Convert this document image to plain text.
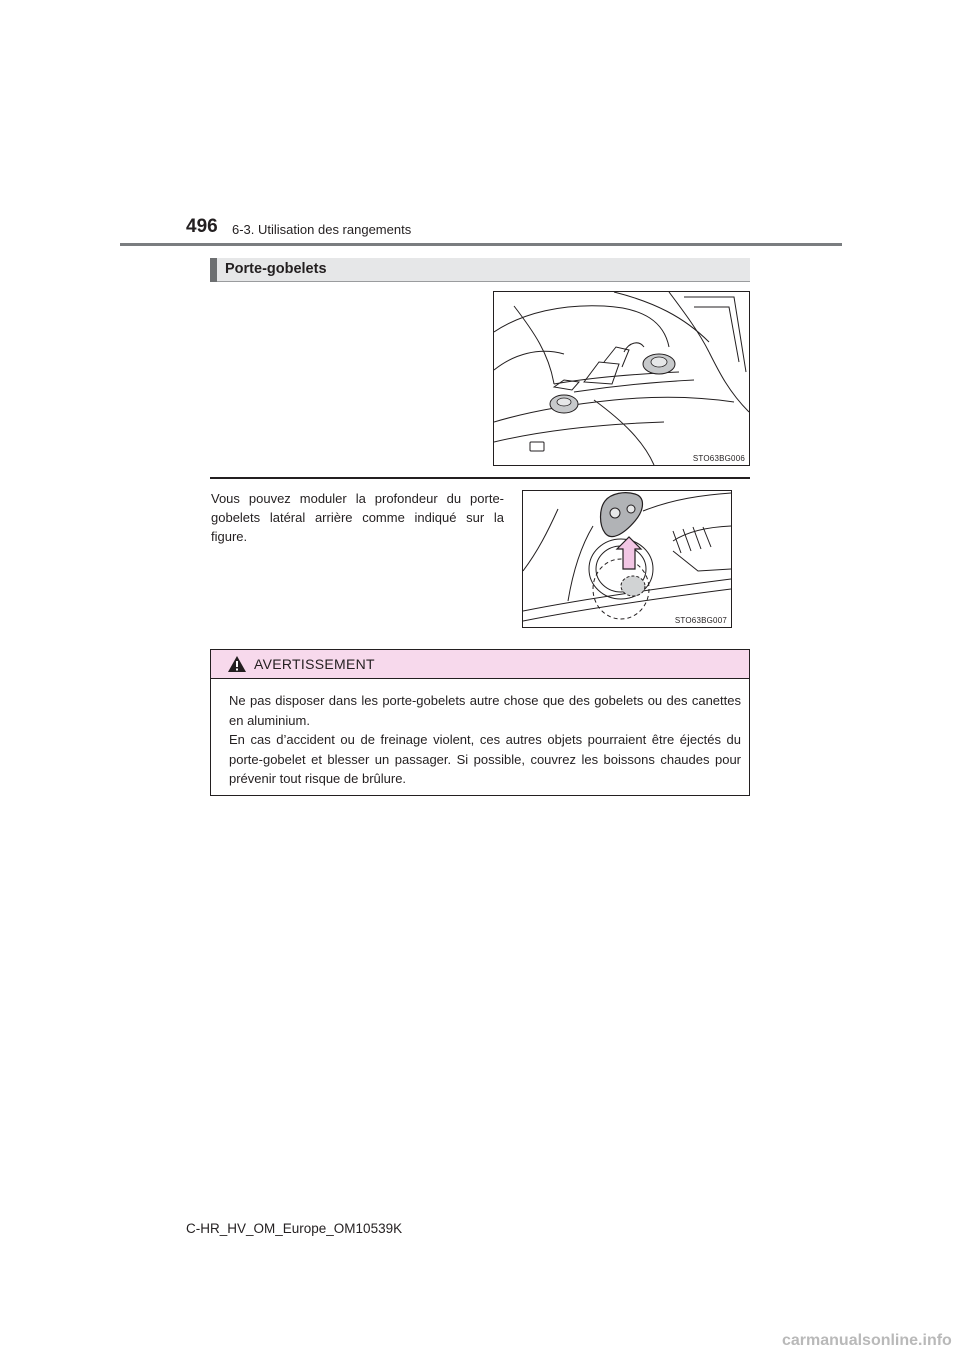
496 6-3. Utilisation des rangements
Porte-gobelets
STO63BG006

Vous pouvez moduler la profondeur du porte-gobelets latéral arrière comme indiqué sur la figure.

STO63BG007
AVERTISSEMENT

Ne pas disposer dans les porte-gobelets autre chose que des gobelets ou des canettes en aluminium.

En cas d’accident ou de freinage violent, ces autres objets pourraient être éjectés du porte-gobelet et blesser un passager. Si possible, couvrez les boissons chaudes pour prévenir tout risque de brûlure.

C-HR_HV_OM_Europe_OM10539K
carmanualsonline.info
